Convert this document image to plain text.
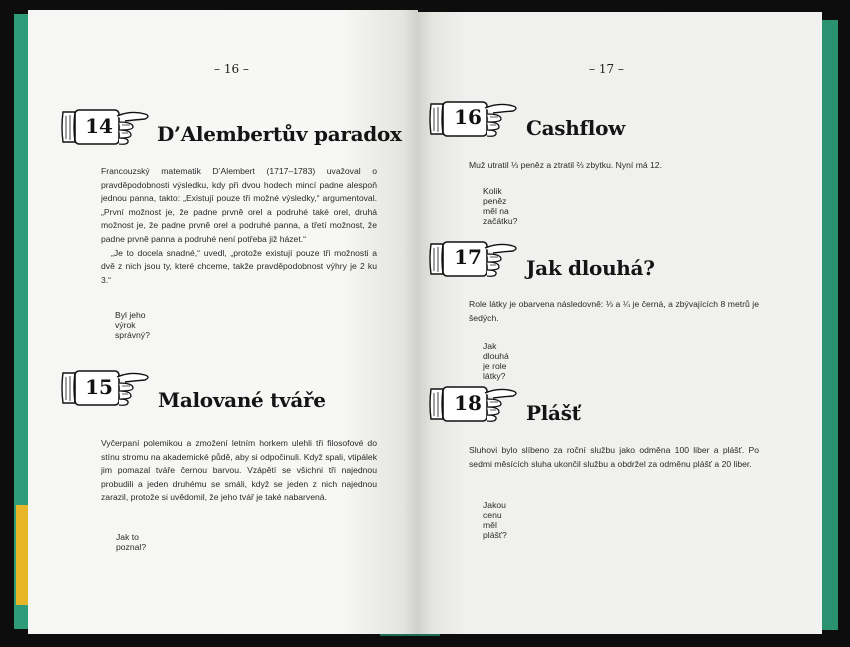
– 16 –
14 D’Alembertův paradox

Francouzský matematik D’Alembert (1717–1783) uvažoval o pravděpodobnosti výsledku, kdy při dvou hodech mincí padne alespoň jednou panna, takto: „Existují pouze tři možné výsledky,“ argumentoval. „První možnost je, že padne prvně orel a podruhé také orel, druhá možnost je, že padne prvně orel a podruhé panna, a třetí možnost, že padne prvně panna a podruhé není potřeba již házet.“

„Je to docela snadné,“ uvedl, „protože existují pouze tři možnosti a dvě z nich jsou ty, které chceme, takže pravděpodobnost výhry je 2 ku 3.“

Byl jeho výrok správný?
15
Malované tváře

Vyčerpaní polemikou a zmožení letním horkem ulehli tři filosofové do stínu stromu na akademické půdě, aby si odpočinuli. Když spali, vtipálek jim pomazal tváře černou barvou. Vzápětí se všichni tři najednou probudili a jeden druhému se smáli, když se jeden z nich najednou zarazil, protože si uvědomil, že jeho tvář je také nabarvená.

Jak to poznal?
– 17 –
16 Cashflow

Muž utratil ⅓ peněz a ztratil ⅔ zbytku. Nyní má 12.

Kolik peněz měl na začátku?
17 Jak dlouhá?

Role látky je obarvena následovně: ⅓ a ¼ je černá, a zbývajících 8 metrů je šedých.

Jak dlouhá je role látky?
18 Plášť

Sluhovi bylo slíbeno za roční službu jako odměna 100 liber a plášť. Po sedmi měsících sluha ukončil službu a obdržel za odměnu plášť a 20 liber.

Jakou cenu měl plášť?
